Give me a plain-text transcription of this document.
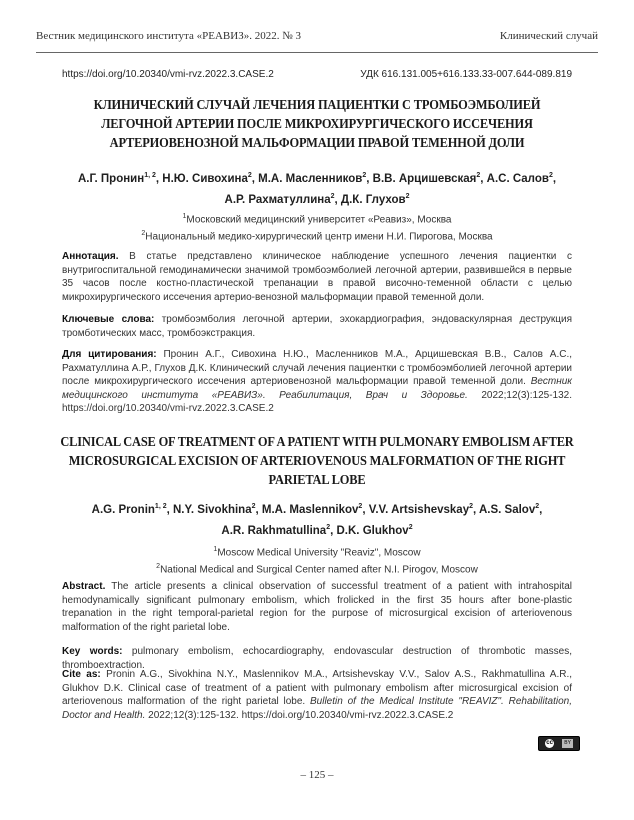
Вестник медицинского института «РЕАВИЗ». 2022. № 3	Клинический случай
https://doi.org/10.20340/vmi-rvz.2022.3.CASE.2	УДК 616.131.005+616.133.33-007.644-089.819
КЛИНИЧЕСКИЙ СЛУЧАЙ ЛЕЧЕНИЯ ПАЦИЕНТКИ С ТРОМБОЭМБОЛИЕЙ ЛЕГОЧНОЙ АРТЕРИИ ПОСЛЕ МИКРОХИРУРГИЧЕСКОГО ИССЕЧЕНИЯ АРТЕРИОВЕНОЗНОЙ МАЛЬФОРМАЦИИ ПРАВОЙ ТЕМЕННОЙ ДОЛИ
А.Г. Пронин$^{1, 2}$, Н.Ю. Сивохина$^2$, М.А. Масленников$^2$, В.В. Арцишевская$^2$, А.С. Салов$^2$,
А.Р. Рахматуллина$^2$, Д.К. Глухов$^2$
$^1$Московский медицинский университет «Реавиз», Москва
$^2$Национальный медико-хирургический центр имени Н.И. Пирогова, Москва
Аннотация. В статье представлено клиническое наблюдение успешного лечения пациентки с внутригоспитальной гемодинамически значимой тромбоэмболией легочной артерии, развившейся в первые 35 часов после костно-пластической трепанации в правой височно-теменной области с целью микрохирургического иссечения артерио-венозной мальформации правой теменной доли.
Ключевые слова: тромбоэмболия легочной артерии, эхокардиография, эндоваскулярная деструкция тромботических масс, тромбоэкстракция.
Для цитирования: Пронин А.Г., Сивохина Н.Ю., Масленников М.А., Арцишевская В.В., Салов А.С., Рахматуллина А.Р., Глухов Д.К. Клинический случай лечения пациентки с тромбоэмболией легочной артерии после микрохирургического иссечения артериовенозной мальформации правой теменной доли. Вестник медицинского института «РЕАВИЗ». Реабилитация, Врач и Здоровье. 2022;12(3):125-132. https://doi.org/10.20340/vmi-rvz.2022.3.CASE.2
CLINICAL CASE OF TREATMENT OF A PATIENT WITH PULMONARY EMBOLISM AFTER MICROSURGICAL EXCISION OF ARTERIOVENOUS MALFORMATION OF THE RIGHT PARIETAL LOBE
A.G. Pronin$^{1, 2}$, N.Y. Sivokhina$^2$, M.A. Maslennikov$^2$, V.V. Artsishevskay$^2$, A.S. Salov$^2$,
A.R. Rakhmatullina$^2$, D.K. Glukhov$^2$
$^1$Moscow Medical University "Reaviz", Moscow
$^2$National Medical and Surgical Center named after N.I. Pirogov, Moscow
Abstract. The article presents a clinical observation of successful treatment of a patient with intrahospital hemodynamically significant pulmonary embolism, which frolicked in the first 35 hours after bone-plastic trepanation in the right temporal-parietal region for the purpose of microsurgical excision of arteriovenous malformation of the right parietal lobe.
Key words: pulmonary embolism, echocardiography, endovascular destruction of thrombotic masses, thromboextraction.
Cite as: Pronin A.G., Sivokhina N.Y., Maslennikov M.A., Artsishevskay V.V., Salov A.S., Rakhmatullina A.R., Glukhov D.K. Clinical case of treatment of a patient with pulmonary embolism after microsurgical excision of arteriovenous malformation of the right parietal lobe. Bulletin of the Medical Institute "REAVIZ". Rehabilitation, Doctor and Health. 2022;12(3):125-132. https://doi.org/10.20340/vmi-rvz.2022.3.CASE.2
cc	BY
– 125 –
